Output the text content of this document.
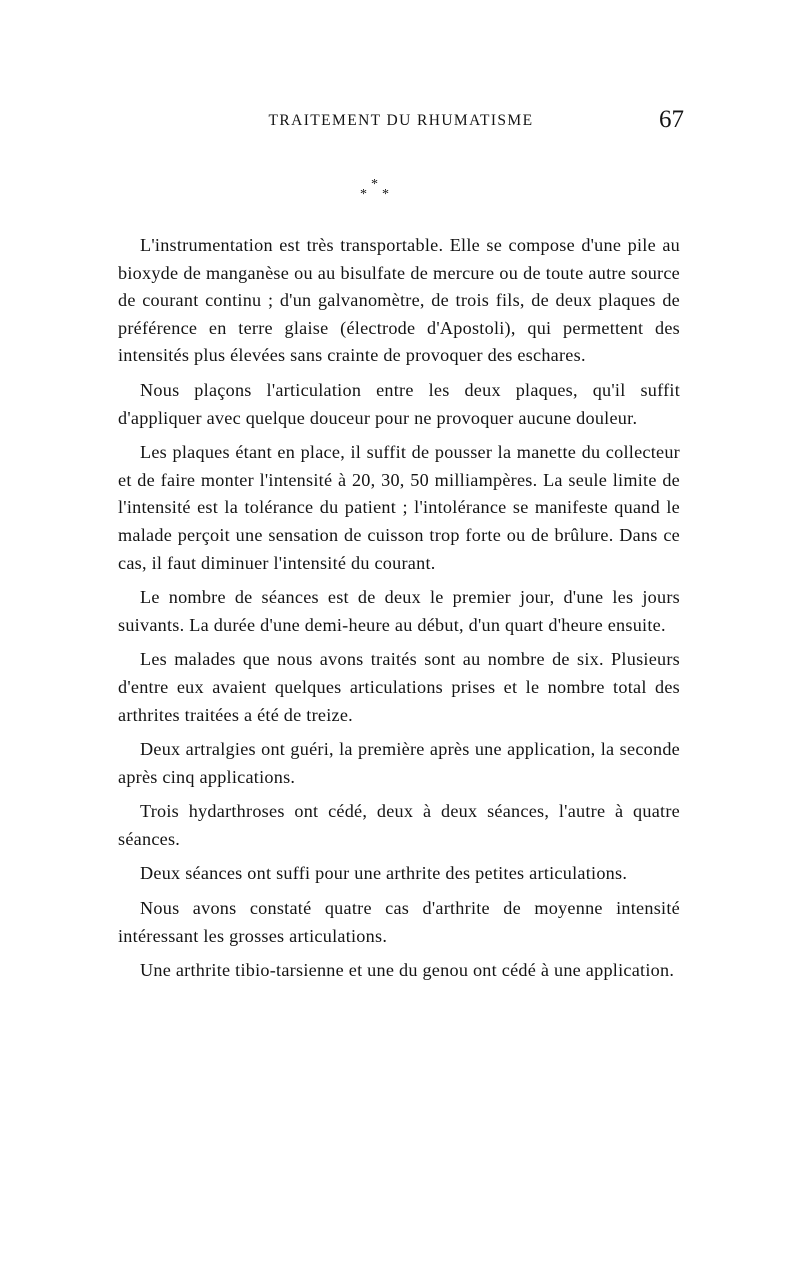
TRAITEMENT DU RHUMATISME	67
*
* *

L'instrumentation est très transportable. Elle se compose d'une pile au bioxyde de manganèse ou au bisulfate de mercure ou de toute autre source de courant continu ; d'un galvanomètre, de trois fils, de deux plaques de préférence en terre glaise (électrode d'Apostoli), qui permettent des intensités plus élevées sans crainte de provoquer des eschares.

Nous plaçons l'articulation entre les deux plaques, qu'il suffit d'appliquer avec quelque douceur pour ne provoquer aucune douleur.

Les plaques étant en place, il suffit de pousser la manette du collecteur et de faire monter l'intensité à 20, 30, 50 milliampères. La seule limite de l'intensité est la tolérance du patient ; l'intolérance se manifeste quand le malade perçoit une sensation de cuisson trop forte ou de brûlure. Dans ce cas, il faut diminuer l'intensité du courant.

Le nombre de séances est de deux le premier jour, d'une les jours suivants. La durée d'une demi-heure au début, d'un quart d'heure ensuite.

Les malades que nous avons traités sont au nombre de six. Plusieurs d'entre eux avaient quelques articulations prises et le nombre total des arthrites traitées a été de treize.

Deux artralgies ont guéri, la première après une application, la seconde après cinq applications.

Trois hydarthroses ont cédé, deux à deux séances, l'autre à quatre séances.

Deux séances ont suffi pour une arthrite des petites articulations.

Nous avons constaté quatre cas d'arthrite de moyenne intensité intéressant les grosses articulations.

Une arthrite tibio-tarsienne et une du genou ont cédé à une application.
